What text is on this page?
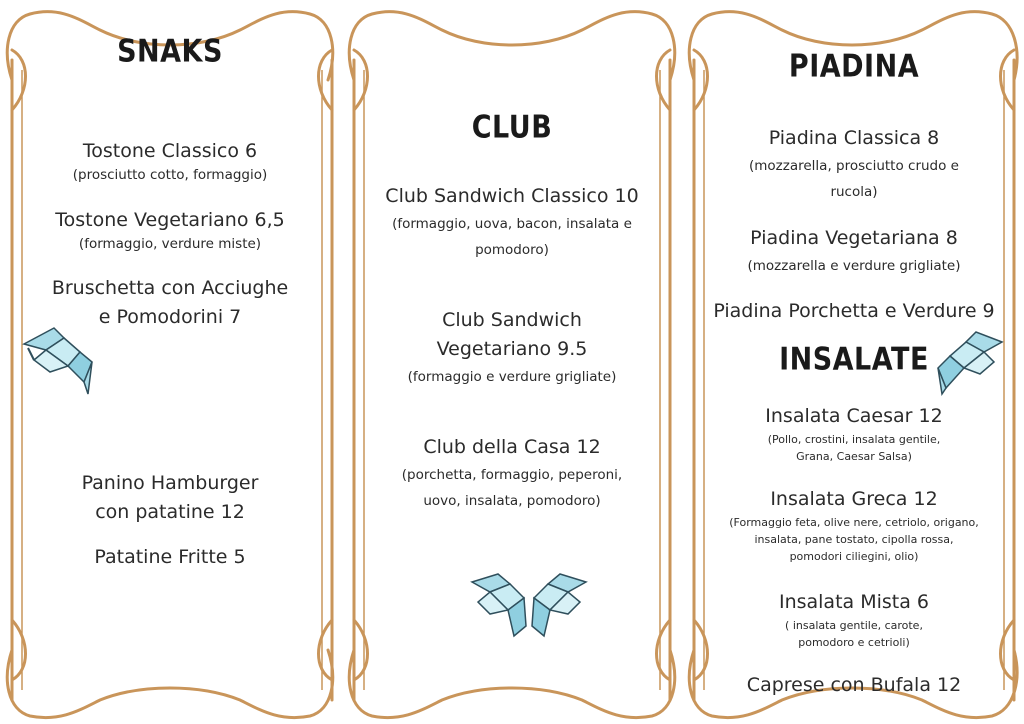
SNAKS
Tostone Classico 6
(prosciutto cotto, formaggio)
Tostone Vegetariano 6,5
(formaggio, verdure miste)
Bruschetta con Acciughe
e Pomodorini 7
Panino Hamburger
con patatine 12
Patatine Fritte 5
CLUB
Club Sandwich Classico 10
(formaggio, uova, bacon, insalata e
pomodoro)
Club Sandwich
Vegetariano 9.5
(formaggio e verdure grigliate)
Club della Casa 12
(porchetta, formaggio, peperoni,
uovo, insalata, pomodoro)
PIADINA
Piadina Classica 8
(mozzarella, prosciutto crudo e
rucola)
Piadina Vegetariana 8
(mozzarella e verdure grigliate)
Piadina Porchetta e Verdure 9
INSALATE
Insalata Caesar 12
(Pollo, crostini, insalata gentile,
Grana, Caesar Salsa)
Insalata Greca 12
(Formaggio feta, olive nere, cetriolo, origano,
insalata, pane tostato, cipolla rossa,
pomodori ciliegini, olio)
Insalata Mista 6
( insalata gentile, carote,
pomodoro e cetrioli)
Caprese con Bufala 12
